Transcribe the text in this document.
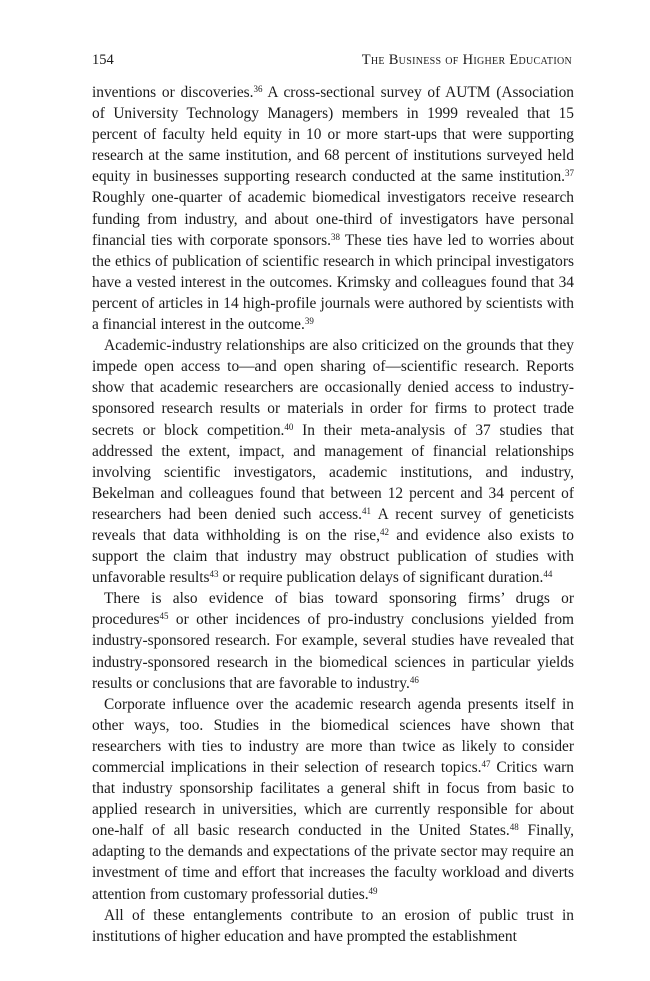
154	The Business of Higher Education

inventions or discoveries.$^{36}$ A cross-sectional survey of AUTM (Association of University Technology Managers) members in 1999 revealed that 15 percent of faculty held equity in 10 or more start-ups that were supporting research at the same institution, and 68 percent of institutions surveyed held equity in businesses supporting research conducted at the same institution.$^{37}$ Roughly one-quarter of academic biomedical investigators receive research funding from industry, and about one-third of investigators have personal financial ties with corporate sponsors.$^{38}$ These ties have led to worries about the ethics of publication of scientific research in which principal investigators have a vested interest in the outcomes. Krimsky and colleagues found that 34 percent of articles in 14 high-profile journals were authored by scientists with a financial interest in the outcome.$^{39}$

Academic-industry relationships are also criticized on the grounds that they impede open access to—and open sharing of—scientific research. Reports show that academic researchers are occasionally denied access to industry-sponsored research results or materials in order for firms to protect trade secrets or block competition.$^{40}$ In their meta-analysis of 37 studies that addressed the extent, impact, and management of financial relationships involving scientific investigators, academic institutions, and industry, Bekelman and colleagues found that between 12 percent and 34 percent of researchers had been denied such access.$^{41}$ A recent survey of geneticists reveals that data withholding is on the rise,$^{42}$ and evidence also exists to support the claim that industry may obstruct publication of studies with unfavorable results$^{43}$ or require publication delays of significant duration.$^{44}$

There is also evidence of bias toward sponsoring firms’ drugs or procedures$^{45}$ or other incidences of pro-industry conclusions yielded from industry-sponsored research. For example, several studies have revealed that industry-sponsored research in the biomedical sciences in particular yields results or conclusions that are favorable to industry.$^{46}$

Corporate influence over the academic research agenda presents itself in other ways, too. Studies in the biomedical sciences have shown that researchers with ties to industry are more than twice as likely to consider commercial implications in their selection of research topics.$^{47}$ Critics warn that industry sponsorship facilitates a general shift in focus from basic to applied research in universities, which are currently responsible for about one-half of all basic research conducted in the United States.$^{48}$ Finally, adapting to the demands and expectations of the private sector may require an investment of time and effort that increases the faculty workload and diverts attention from customary professorial duties.$^{49}$

All of these entanglements contribute to an erosion of public trust in institutions of higher education and have prompted the establishment
